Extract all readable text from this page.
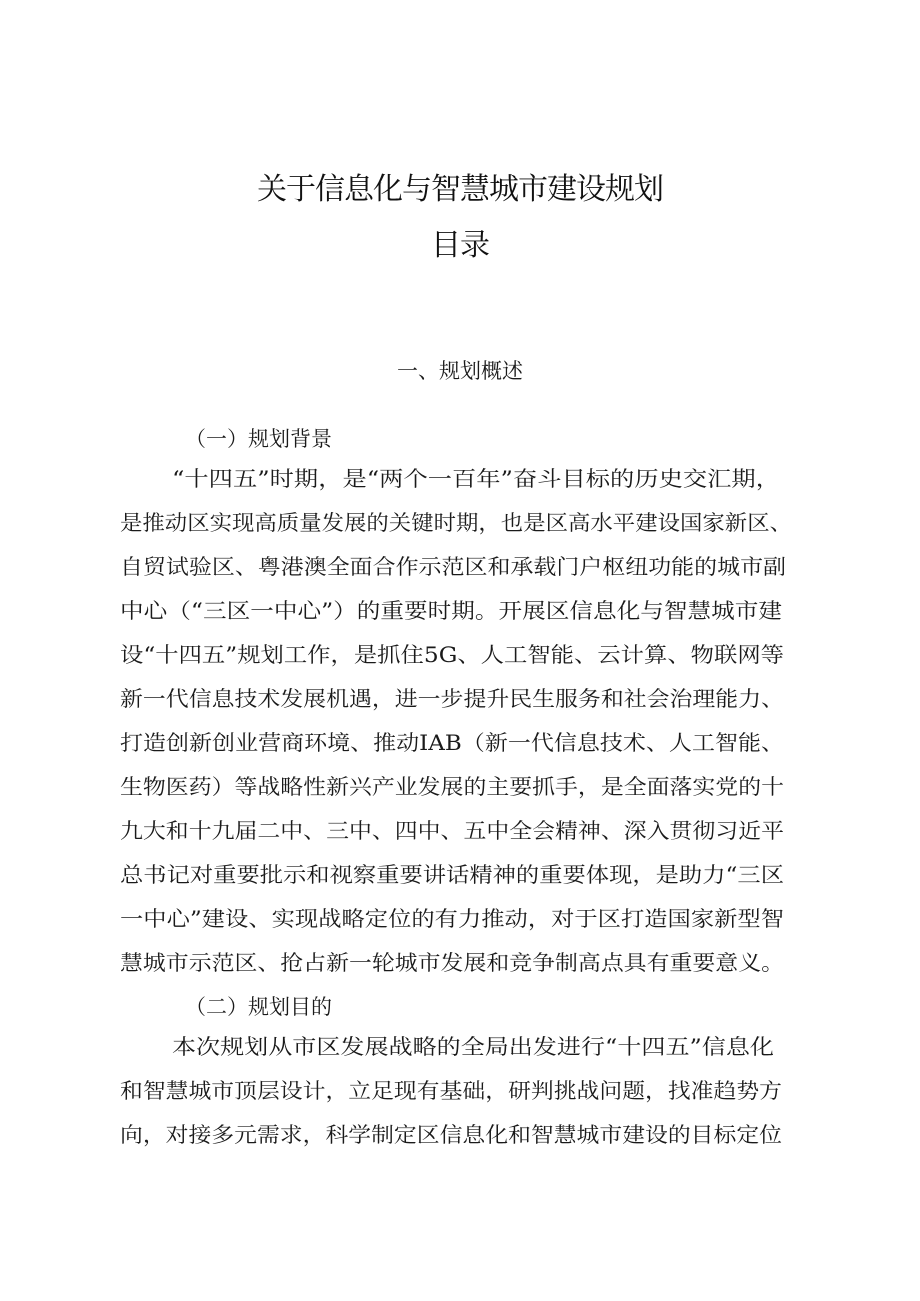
关于信息化与智慧城市建设规划
目录
一、规划概述
（一）规划背景
“十四五”时期，是“两个一百年”奋斗目标的历史交汇期，
是推动区实现高质量发展的关键时期，也是区高水平建设国家新区、
自贸试验区、粤港澳全面合作示范区和承载门户枢纽功能的城市副
中心（“三区一中心”）的重要时期。开展区信息化与智慧城市建
设“十四五”规划工作，是抓住5G、人工智能、云计算、物联网等
新一代信息技术发展机遇，进一步提升民生服务和社会治理能力、
打造创新创业营商环境、推动IAB（新一代信息技术、人工智能、
生物医药）等战略性新兴产业发展的主要抓手，是全面落实党的十
九大和十九届二中、三中、四中、五中全会精神、深入贯彻习近平
总书记对重要批示和视察重要讲话精神的重要体现，是助力“三区
一中心”建设、实现战略定位的有力推动，对于区打造国家新型智
慧城市示范区、抢占新一轮城市发展和竞争制高点具有重要意义。
（二）规划目的
本次规划从市区发展战略的全局出发进行“十四五”信息化
和智慧城市顶层设计，立足现有基础，研判挑战问题，找准趋势方
向，对接多元需求，科学制定区信息化和智慧城市建设的目标定位
